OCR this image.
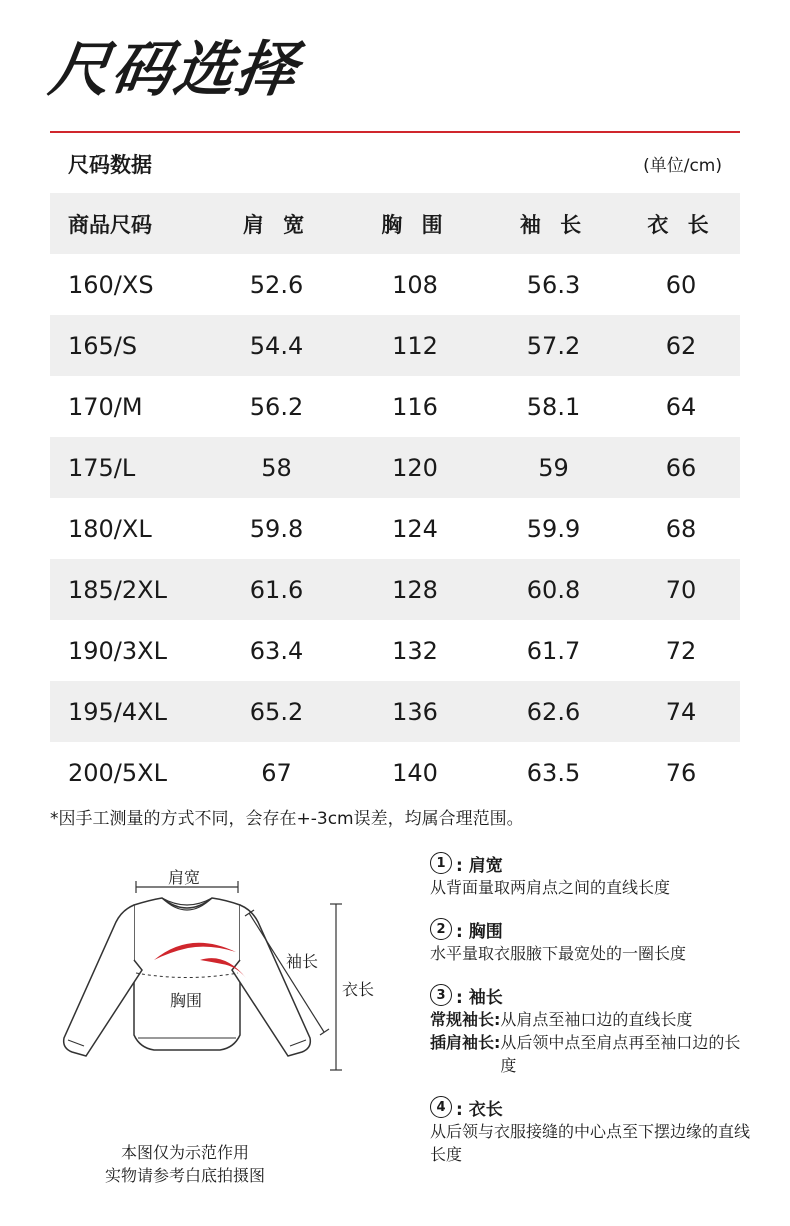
尺码选择
尺码数据	(单位/cm)
商品尺码	肩 宽	胸 围	袖 长	衣 长
160/XS	52.6	108	56.3	60
165/S	54.4	112	57.2	62
170/M	56.2	116	58.1	64
175/L	58	120	59	66
180/XL	59.8	124	59.9	68
185/2XL	61.6	128	60.8	70
190/3XL	63.4	132	61.7	72
195/4XL	65.2	136	62.6	74
200/5XL	67	140	63.5	76
*因手工测量的方式不同，会存在+-3cm误差，均属合理范围。
肩宽
袖长
胸围
衣长
本图仅为示范作用
实物请参考白底拍摄图
1 : 肩宽
从背面量取两肩点之间的直线长度
2 : 胸围
水平量取衣服腋下最宽处的一圈长度
3 : 袖长
常规袖长: 从肩点至袖口边的直线长度
插肩袖长: 从后领中点至肩点再至袖口边的长度
4 : 衣长
从后领与衣服接缝的中心点至下摆边缘的直线长度
